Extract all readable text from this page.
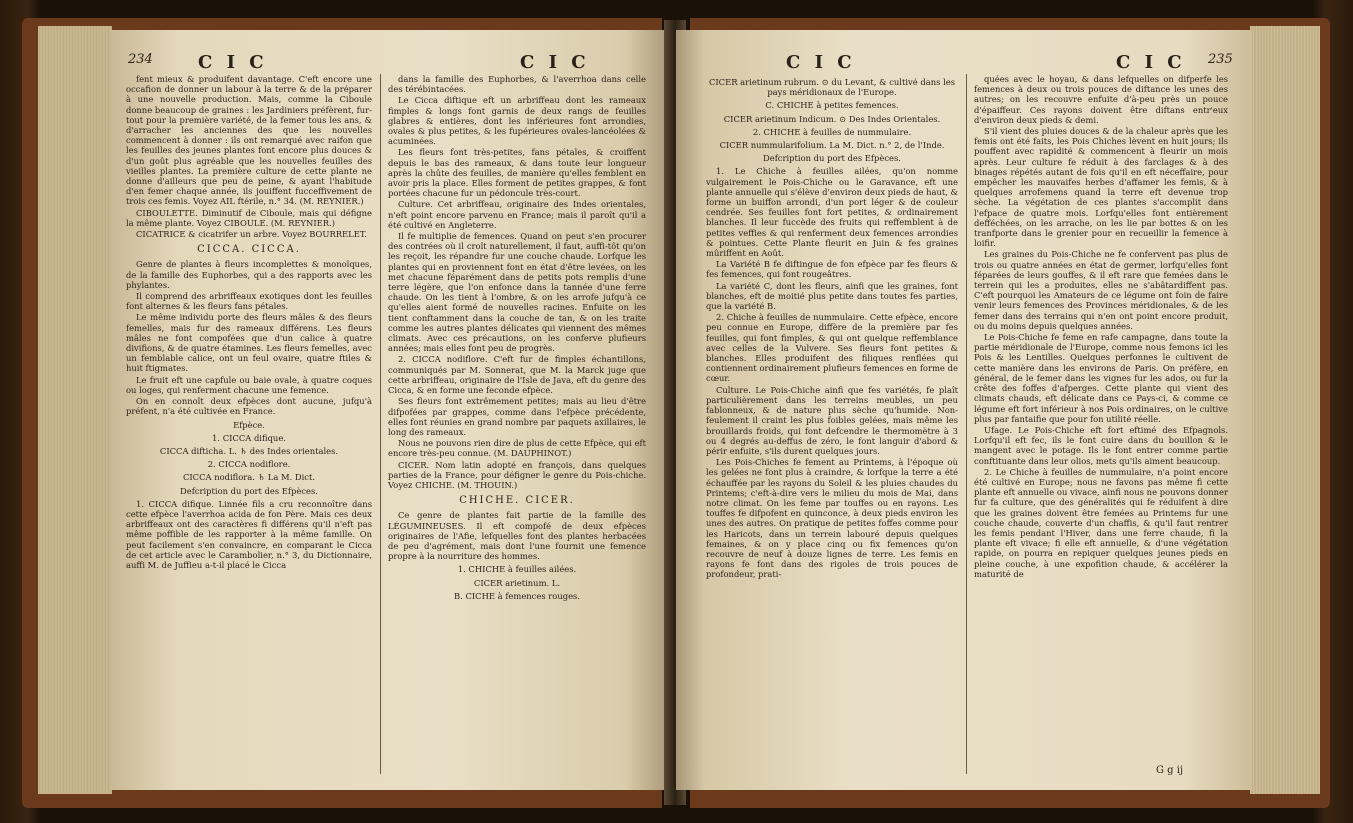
234	C I C	C I C

fent mieux & produifent davantage. C'eft encore une occafion de donner un labour à la terre & de la préparer à une nouvelle production. Mais, comme la Ciboule donne beaucoup de graines : les Jardiniers préfèrent, fur-tout pour la première variété, de la femer tous les ans, & d'arracher les anciennes des que les nouvelles commencent à donner : ils ont remarqué avec raifon que les feuilles des jeunes plantes font encore plus douces & d'un goût plus agréable que les nouvelles feuilles des vieilles plantes. La première culture de cette plante ne donne d'ailleurs que peu de peine, & ayant l'habitude d'en femer chaque année, ils jouiffent fucceffivement de trois ces femis. Voyez AIL ftérile, n.° 34. (M. REYNIER.)

CIBOULETTE. Diminutif de Ciboule, mais qui défigne la même plante. Voyez CIBOULE. (M. REYNIER.)

CICATRICE & cicatrifer un arbre. Voyez BOURRELET.

CICCA. CICCA.

Genre de plantes à fleurs incomplettes & monoïques, de la famille des Euphorbes, qui a des rapports avec les phylantes.

Il comprend des arbriffeaux exotiques dont les feuilles font alternes & les fleurs fans pétales.

Le même individu porte des fleurs mâles & des fleurs femelles, mais fur des rameaux différens. Les fleurs mâles ne font compofées que d'un calice à quatre divifions, & de quatre étamines. Les fleurs femelles, avec un femblable calice, ont un feul ovaire, quatre ftiles & huit ftigmates.

Le fruit eft une capfule ou baie ovale, à quatre coques ou loges, qui renferment chacune une femence.

On en connoît deux efpèces dont aucune, jufqu'à préfent, n'a été cultivée en France.

Efpèce.

1. CICCA difique.

CICCA difticha. L. ♄ des Indes orientales.

2. CICCA nodiflore.

CICCA nodiflora. ♄ La M. Dict.

Defcription du port des Efpèces.

1. CICCA difique. Linnée fils a cru reconnoître dans cette efpèce l'averrhoa acida de fon Père. Mais ces deux arbriffeaux ont des caractères fi différens qu'il n'eft pas même poffible de les rapporter à la même famille. On peut facilement s'en convaincre, en comparant le Cicca de cet article avec le Carambolier, n.° 3, du Dictionnaire, auffi M. de Juffieu a-t-il placé le Cicca

dans la famille des Euphorbes, & l'averrhoa dans celle des térébintacées.

Le Cicca diftique eft un arbriffeau dont les rameaux fimples & longs font garnis de deux rangs de feuilles glabres & entières, dont les inférieures font arrondies, ovales & plus petites, & les fupérieures ovales-lancéolées & acuminées.

Les fleurs font très-petites, fans pétales, & croiffent depuis le bas des rameaux, & dans toute leur longueur après la chûte des feuilles, de manière qu'elles femblent en avoir pris la place. Elles forment de petites grappes, & font portées chacune fur un pédoncule très-court.

Culture. Cet arbriffeau, originaire des Indes orientales, n'eft point encore parvenu en France; mais il paroît qu'il a été cultivé en Angleterre.

Il fe multiplie de femences. Quand on peut s'en procurer des contrées où il croît naturellement, il faut, auffi-tôt qu'on les reçoit, les répandre fur une couche chaude. Lorfque les plantes qui en proviennent font en état d'être levées, on les met chacune féparément dans de petits pots remplis d'une terre légère, que l'on enfonce dans la tannée d'une ferre chaude. On les tient à l'ombre, & on les arrofe jufqu'à ce qu'elles aient formé de nouvelles racines. Enfuite on les tient conftamment dans la couche de tan, & on les traite comme les autres plantes délicates qui viennent des mêmes climats. Avec ces précautions, on les conferve plufieurs années; mais elles font peu de progrès.

2. CICCA nodiflore. C'eft fur de fimples échantillons, communiqués par M. Sonnerat, que M. la Marck juge que cette arbriffeau, originaire de l'Isle de Java, eft du genre des Cicca, & en forme une feconde efpèce.

Ses fleurs font extrêmement petites; mais au lieu d'être difpofées par grappes, comme dans l'efpèce précédente, elles font réunies en grand nombre par paquets axillaires, le long des rameaux.

Nous ne pouvons rien dire de plus de cette Efpèce, qui eft encore très-peu connue. (M. DAUPHINOT.)

CICER. Nom latin adopté en françois, dans quelques parties de la France, pour défigner le genre du Pois-chiche. Voyez CHICHE. (M. THOUIN.)

CHICHE. CICER.

Ce genre de plantes fait partie de la famille des LÉGUMINEUSES. Il eft compofé de deux efpèces originaires de l'Afie, lefquelles font des plantes herbacées de peu d'agrément, mais dont l'une fournit une femence propre à la nourriture des hommes.

1. CHICHE à feuilles ailées.

CICER arietinum. L.

B. CICHE à femences rouges.

C I C	C I C 235

CICER arietinum rubrum. ⊙ du Levant, & cultivé dans les pays méridionaux de l'Europe.

C. CHICHE à petites femences.

CICER arietinum Indicum. ⊙ Des Indes Orientales.

2. CHICHE à feuilles de nummulaire.

CICER nummularifolium. La M. Dict. n.° 2, de l'Inde.

Defcription du port des Efpèces.

1. Le Chiche à feuilles ailées, qu'on nomme vulgairement le Pois-Chiche ou le Garavance, eft une plante annuelle qui s'élève d'environ deux pieds de haut, & forme un buiffon arrondi, d'un port léger & de couleur cendrée. Ses feuilles font fort petites, & ordinairement blanches. Il leur fuccède des fruits qui reffemblent à de petites veffies & qui renferment deux femences arrondies & pointues. Cette Plante fleurit en Juin & fes graines mûriffent en Août.

La Variété B fe diftingue de fon efpèce par fes fleurs & fes femences, qui font rougeâtres.

La variété C, dont les fleurs, ainfi que les graines, font blanches, eft de moitié plus petite dans toutes fes parties, que la variété B.

2. Chiche à feuilles de nummulaire. Cette efpèce, encore peu connue en Europe, diffère de la première par fes feuilles, qui font fimples, & qui ont quelque reffemblance avec celles de la Vulvere. Ses fleurs font petites & blanches. Elles produifent des filiques renflées qui contiennent ordinairement plufieurs femences en forme de cœur.

Culture. Le Pois-Chiche ainfi que fes variétés, fe plaît particulièrement dans les terreins meubles, un peu fablonneux, & de nature plus sèche qu'humide. Non-feulement il craint les plus foibles gelées, mais même les brouillards froids, qui font defcendre le thermomètre à 3 ou 4 degrés au-deffus de zéro, le font languir d'abord & périr enfuite, s'ils durent quelques jours.

Les Pois-Chiches fe fement au Printems, à l'époque où les gelées ne font plus à craindre, & lorfque la terre a été échauffée par les rayons du Soleil & les pluies chaudes du Printems; c'eft-à-dire vers le milieu du mois de Mai, dans notre climat. On les feme par touffes ou en rayons. Les touffes fe difpofent en quinconce, à deux pieds environ les unes des autres. On pratique de petites foffes comme pour les Haricots, dans un terrein labouré depuis quelques femaines, & on y place cinq ou fix femences qu'on recouvre de neuf à douze lignes de terre. Les femis en rayons fe font dans des rigoles de trois pouces de profondeur, prati-

quées avec le hoyau, & dans lefquelles on difperfe les femences à deux ou trois pouces de diftance les unes des autres; on les recouvre enfuite d'à-peu près un pouce d'épaiffeur. Ces rayons doivent être diftans entr'eux d'environ deux pieds & demi.

S'il vient des pluies douces & de la chaleur après que les femis ont été faits, les Pois Chiches lèvent en huit jours; ils pouffent avec rapidité & commencent à fleurir un mois après. Leur culture fe réduit à des farclages & à des binages répétés autant de fois qu'il en eft néceffaire, pour empêcher les mauvaifes herbes d'affamer les femis, & à quelques arrofemens quand la terre eft devenue trop sèche. La végétation de ces plantes s'accomplit dans l'efpace de quatre mois. Lorfqu'elles font entièrement defféchées, on les arrache, on les lie par bottes & on les tranfporte dans le grenier pour en recueillir la femence à loifir.

Les graines du Pois-Chiche ne fe confervent pas plus de trois ou quatre années en état de germer, lorfqu'elles font féparées de leurs gouffes, & il eft rare que femées dans le terrein qui les a produites, elles ne s'abâtardiffent pas. C'eft pourquoi les Amateurs de ce légume ont foin de faire venir leurs femences des Provinces méridionales, & de les femer dans des terrains qui n'en ont point encore produit, ou du moins depuis quelques années.

Le Pois-Chiche fe feme en rafe campagne, dans toute la partie méridionale de l'Europe, comme nous femons ici les Pois & les Lentilles. Quelques perfonnes le cultivent de cette manière dans les environs de Paris. On préfère, en général, de le femer dans les vignes fur les ados, ou fur la crête des foffes d'afperges. Cette plante qui vient des climats chauds, eft délicate dans ce Pays-ci, & comme ce légume eft fort inférieur à nos Pois ordinaires, on le cultive plus par fantaifie que pour fon utilité réelle.

Ufage. Le Pois-Chiche eft fort eftimé des Efpagnols. Lorfqu'il eft fec, ils le font cuire dans du bouillon & le mangent avec le potage. Ils le font entrer comme partie conftituante dans leur olios, mets qu'ils aiment beaucoup.

2. Le Chiche à feuilles de nummulaire, n'a point encore été cultivé en Europe; nous ne favons pas même fi cette plante eft annuelle ou vivace, ainfi nous ne pouvons donner fur fa culture, que des généralités qui fe réduifent à dire que les graines doivent être femées au Printems fur une couche chaude, couverte d'un chaffis, & qu'il faut rentrer les femis pendant l'Hiver, dans une ferre chaude, fi la plante eft vivace; fi elle eft annuelle, & d'une végétation rapide, on pourra en repiquer quelques jeunes pieds en pleine couche, à une expofition chaude, & accélérer la maturité de

G g ij
